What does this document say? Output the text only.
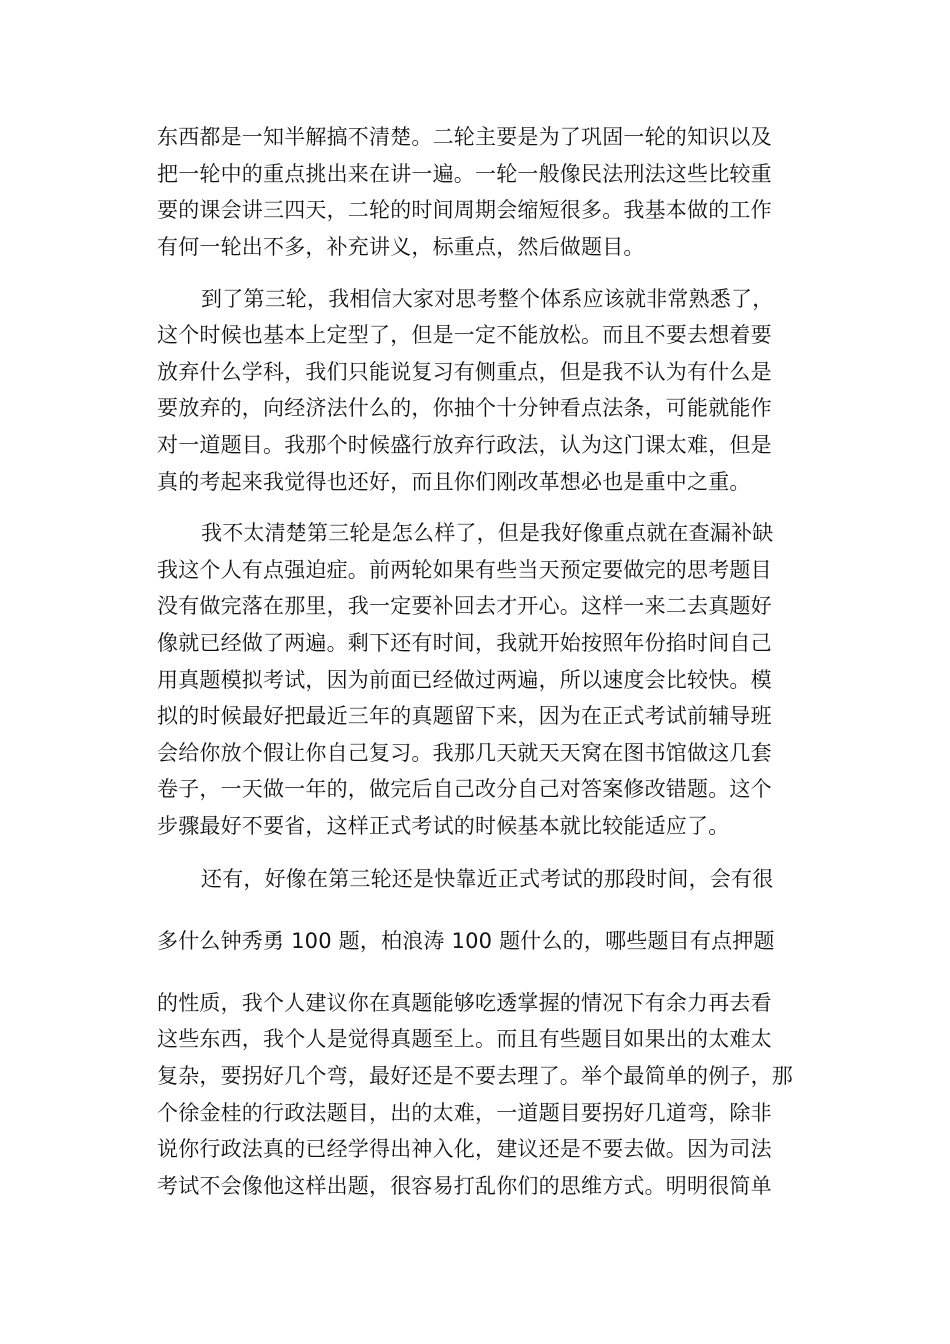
东西都是一知半解搞不清楚。二轮主要是为了巩固一轮的知识以及
把一轮中的重点挑出来在讲一遍。一轮一般像民法刑法这些比较重
要的课会讲三四天，二轮的时间周期会缩短很多。我基本做的工作
有何一轮出不多，补充讲义，标重点，然后做题目。
到了第三轮，我相信大家对思考整个体系应该就非常熟悉了，
这个时候也基本上定型了，但是一定不能放松。而且不要去想着要
放弃什么学科，我们只能说复习有侧重点，但是我不认为有什么是
要放弃的，向经济法什么的，你抽个十分钟看点法条，可能就能作
对一道题目。我那个时候盛行放弃行政法，认为这门课太难，但是
真的考起来我觉得也还好，而且你们刚改革想必也是重中之重。
我不太清楚第三轮是怎么样了，但是我好像重点就在查漏补缺
我这个人有点强迫症。前两轮如果有些当天预定要做完的思考题目
没有做完落在那里，我一定要补回去才开心。这样一来二去真题好
像就已经做了两遍。剩下还有时间，我就开始按照年份掐时间自己
用真题模拟考试，因为前面已经做过两遍，所以速度会比较快。模
拟的时候最好把最近三年的真题留下来，因为在正式考试前辅导班
会给你放个假让你自己复习。我那几天就天天窝在图书馆做这几套
卷子，一天做一年的，做完后自己改分自己对答案修改错题。这个
步骤最好不要省，这样正式考试的时候基本就比较能适应了。
还有，好像在第三轮还是快靠近正式考试的那段时间，会有很
多什么钟秀勇 100 题，柏浪涛 100 题什么的，哪些题目有点押题
的性质，我个人建议你在真题能够吃透掌握的情况下有余力再去看
这些东西，我个人是觉得真题至上。而且有些题目如果出的太难太
复杂，要拐好几个弯，最好还是不要去理了。举个最简单的例子，那
个徐金桂的行政法题目，出的太难，一道题目要拐好几道弯，除非
说你行政法真的已经学得出神入化，建议还是不要去做。因为司法
考试不会像他这样出题，很容易打乱你们的思维方式。明明很简单
